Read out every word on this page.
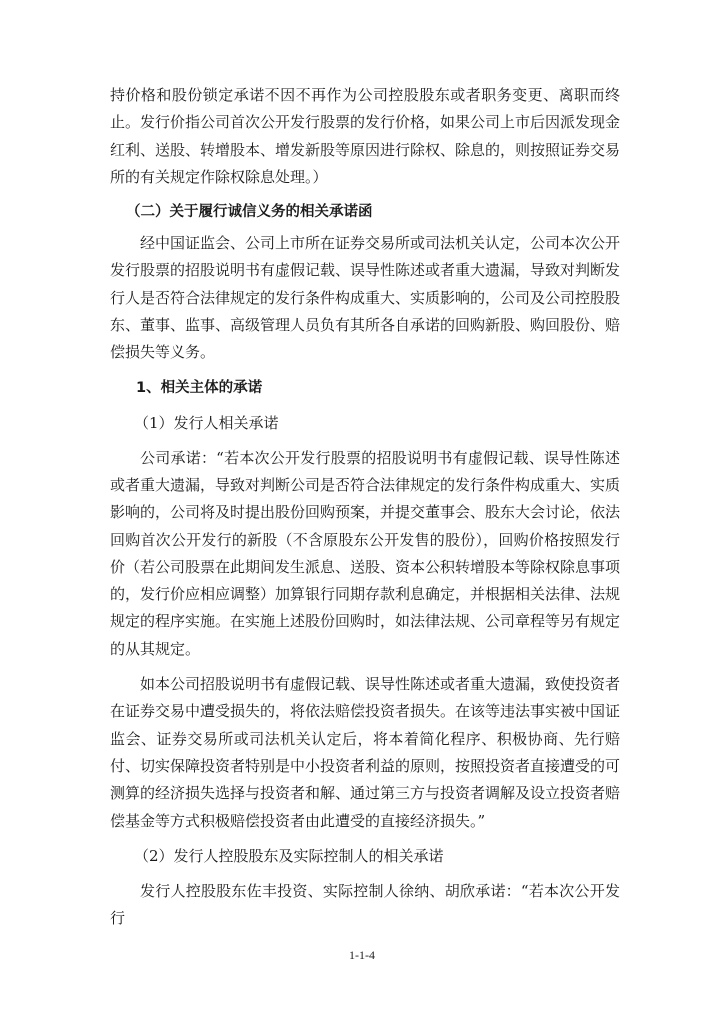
持价格和股份锁定承诺不因不再作为公司控股股东或者职务变更、离职而终止。发行价指公司首次公开发行股票的发行价格，如果公司上市后因派发现金红利、送股、转增股本、增发新股等原因进行除权、除息的，则按照证券交易所的有关规定作除权除息处理。）

（二）关于履行诚信义务的相关承诺函

经中国证监会、公司上市所在证券交易所或司法机关认定，公司本次公开发行股票的招股说明书有虚假记载、误导性陈述或者重大遗漏，导致对判断发行人是否符合法律规定的发行条件构成重大、实质影响的，公司及公司控股股东、董事、监事、高级管理人员负有其所各自承诺的回购新股、购回股份、赔偿损失等义务。

1、相关主体的承诺

（1）发行人相关承诺

公司承诺：“若本次公开发行股票的招股说明书有虚假记载、误导性陈述或者重大遗漏，导致对判断公司是否符合法律规定的发行条件构成重大、实质影响的，公司将及时提出股份回购预案，并提交董事会、股东大会讨论，依法回购首次公开发行的新股（不含原股东公开发售的股份），回购价格按照发行价（若公司股票在此期间发生派息、送股、资本公积转增股本等除权除息事项的，发行价应相应调整）加算银行同期存款利息确定，并根据相关法律、法规规定的程序实施。在实施上述股份回购时，如法律法规、公司章程等另有规定的从其规定。

如本公司招股说明书有虚假记载、误导性陈述或者重大遗漏，致使投资者在证券交易中遭受损失的，将依法赔偿投资者损失。在该等违法事实被中国证监会、证券交易所或司法机关认定后，将本着简化程序、积极协商、先行赔付、切实保障投资者特别是中小投资者利益的原则，按照投资者直接遭受的可测算的经济损失选择与投资者和解、通过第三方与投资者调解及设立投资者赔偿基金等方式积极赔偿投资者由此遭受的直接经济损失。”

（2）发行人控股股东及实际控制人的相关承诺

发行人控股股东佐丰投资、实际控制人徐纳、胡欣承诺：“若本次公开发行

1-1-4
